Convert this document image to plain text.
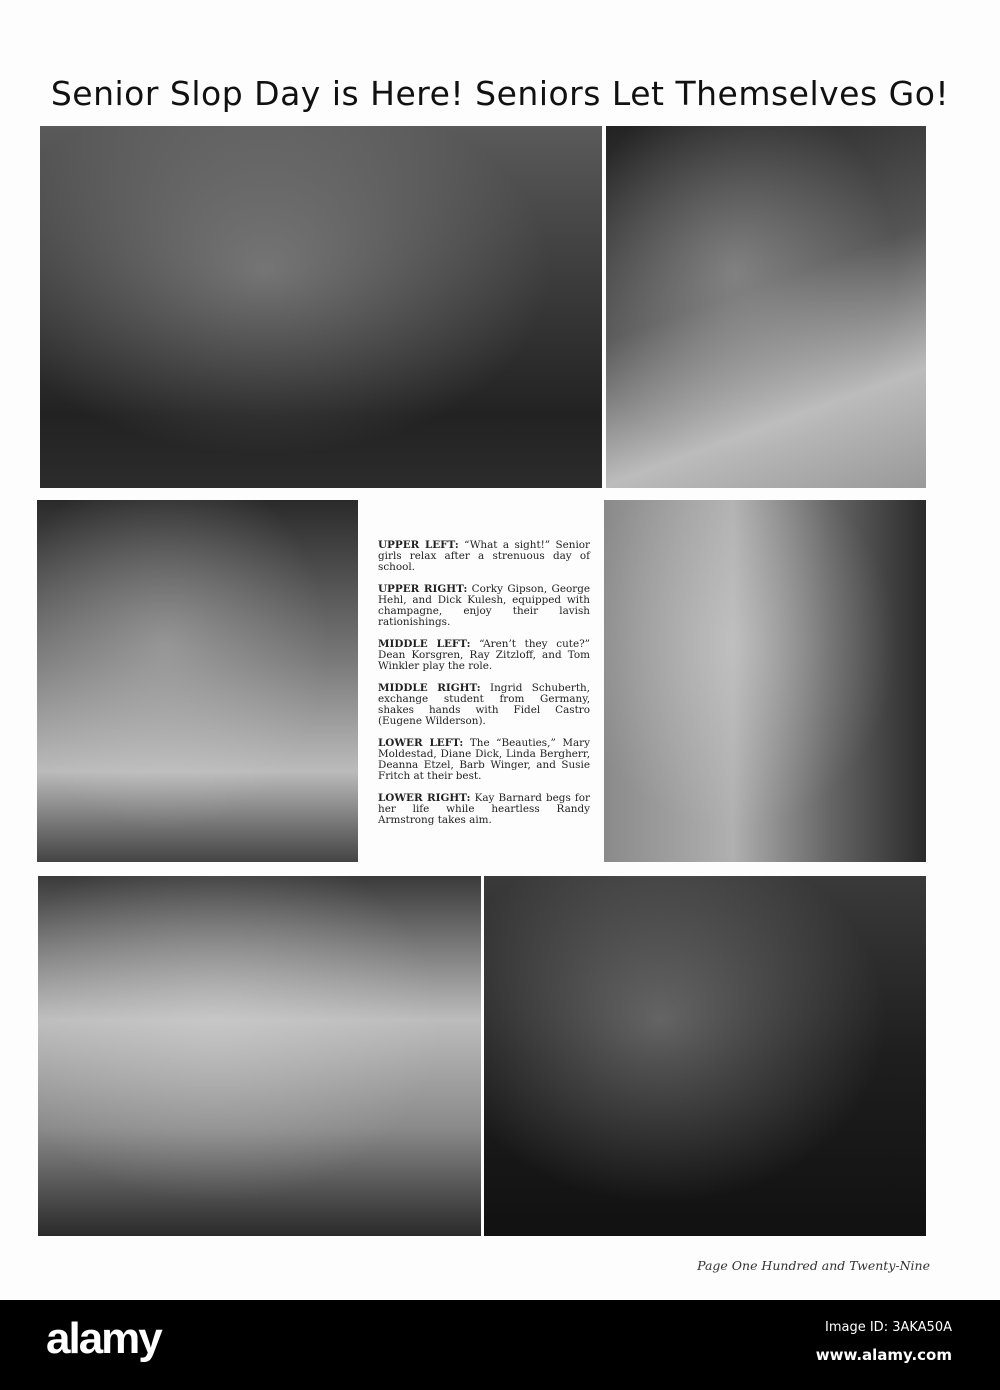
Senior Slop Day is Here! Seniors Let Themselves Go!

UPPER LEFT: “What a sight!” Senior girls relax after a strenuous day of school.

UPPER RIGHT: Corky Gipson, George Hehl, and Dick Kulesh, equipped with champagne, enjoy their lavish rationishings.

MIDDLE LEFT: “Aren’t they cute?” Dean Korsgren, Ray Zitzloff, and Tom Winkler play the role.

MIDDLE RIGHT: Ingrid Schuberth, exchange student from Germany, shakes hands with Fidel Castro (Eugene Wilderson).

LOWER LEFT: The “Beauties,” Mary Moldestad, Diane Dick, Linda Bergherr, Deanna Etzel, Barb Winger, and Susie Fritch at their best.

LOWER RIGHT: Kay Barnard begs for her life while heartless Randy Armstrong takes aim.

Page One Hundred and Twenty-Nine
alamy	Image ID: 3AKA50A
www.alamy.com
